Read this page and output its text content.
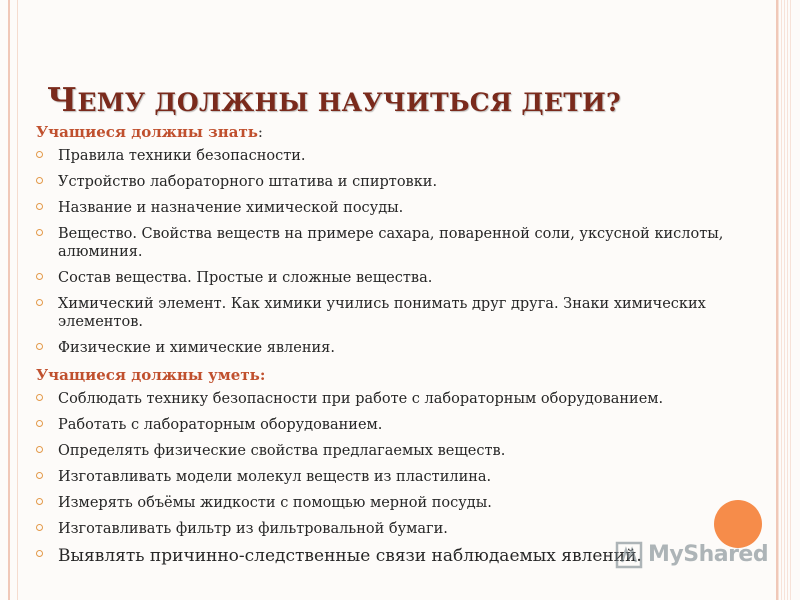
ЧЕМУ ДОЛЖНЫ НАУЧИТЬСЯ ДЕТИ?
Учащиеся должны знать:
Правила техники безопасности.
Устройство лабораторного штатива и спиртовки.
Название и назначение химической посуды.
Вещество. Свойства веществ на примере сахара, поваренной соли, уксусной кислоты, алюминия.
Состав вещества. Простые и сложные вещества.
Химический элемент. Как химики учились понимать друг друга. Знаки химических элементов.
Физические и химические явления.
Учащиеся должны уметь:
Соблюдать технику безопасности при работе с лабораторным оборудованием.
Работать с лабораторным оборудованием.
Определять физические свойства предлагаемых веществ.
Изготавливать модели молекул веществ из пластилина.
Измерять объёмы жидкости с помощью мерной посуды.
Изготавливать фильтр из фильтровальной бумаги.
Выявлять причинно-следственные связи наблюдаемых явлений. MyShared
